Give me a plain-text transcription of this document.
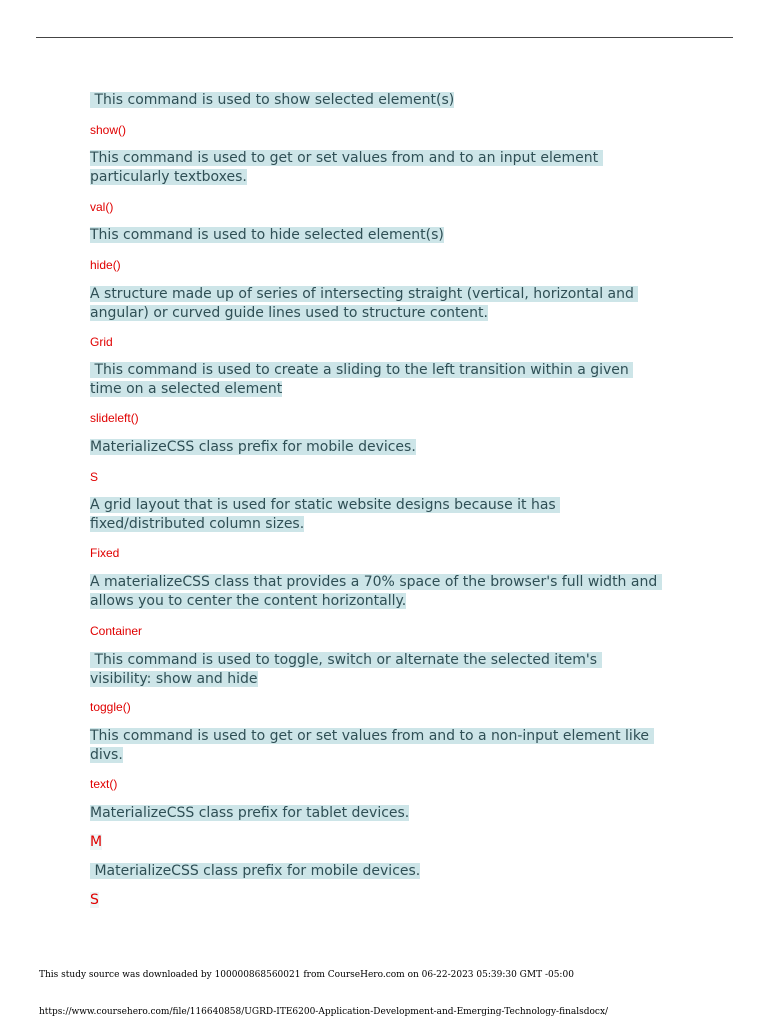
This command is used to show selected element(s)
show()
This command is used to get or set values from and to an input element
particularly textboxes.
val()
This command is used to hide selected element(s)
hide()
A structure made up of series of intersecting straight (vertical, horizontal and
angular) or curved guide lines used to structure content.
Grid
This command is used to create a sliding to the left transition within a given
time on a selected element
slideleft()
MaterializeCSS class prefix for mobile devices.
S
A grid layout that is used for static website designs because it has
fixed/distributed column sizes.
Fixed
A materializeCSS class that provides a 70% space of the browser's full width and
allows you to center the content horizontally.
Container
This command is used to toggle, switch or alternate the selected item's
visibility: show and hide
toggle()
This command is used to get or set values from and to a non-input element like
divs.
text()
MaterializeCSS class prefix for tablet devices.
M
MaterializeCSS class prefix for mobile devices.
S
This study source was downloaded by 100000868560021 from CourseHero.com on 06-22-2023 05:39:30 GMT -05:00
https://www.coursehero.com/file/116640858/UGRD-ITE6200-Application-Development-and-Emerging-Technology-finalsdocx/
